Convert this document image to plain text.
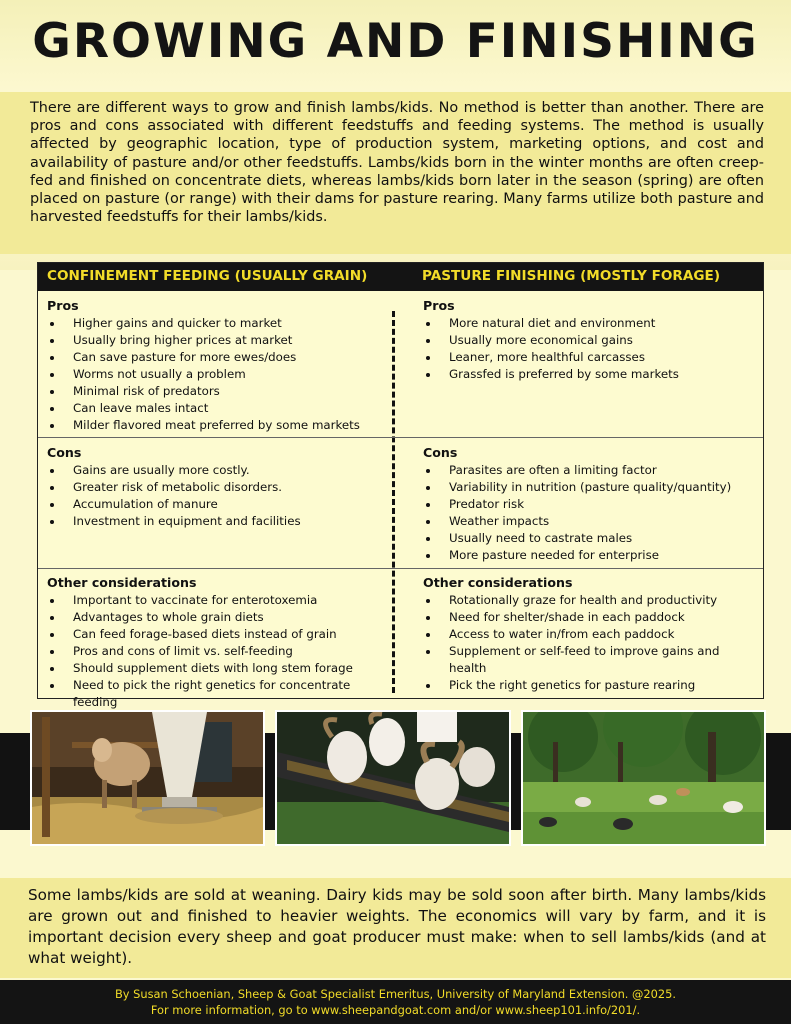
GROWING AND FINISHING

There are different ways to grow and finish lambs/kids. No method is better than another. There are pros and cons associated with different feedstuffs and feeding systems. The method is usually affected by geographic location, type of production system, marketing options, and cost and availability of pasture and/or other feedstuffs. Lambs/kids born in the winter months are often creep-fed and finished on concentrate diets, whereas lambs/kids born later in the season (spring) are often placed on pasture (or range) with their dams for pasture rearing. Many farms utilize both pasture and harvested feedstuffs for their lambs/kids.

CONFINEMENT FEEDING (USUALLY GRAIN)	PASTURE FINISHING (MOSTLY FORAGE)
Pros
• Higher gains and quicker to market
• Usually bring higher prices at market
• Can save pasture for more ewes/does
• Worms not usually a problem
• Minimal risk of predators
• Can leave males intact
• Milder flavored meat preferred by some markets
Pros
• More natural diet and environment
• Usually more economical gains
• Leaner, more healthful carcasses
• Grassfed is preferred by some markets
Cons
• Gains are usually more costly.
• Greater risk of metabolic disorders.
• Accumulation of manure
• Investment in equipment and facilities
Cons
• Parasites are often a limiting factor
• Variability in nutrition (pasture quality/quantity)
• Predator risk
• Weather impacts
• Usually need to castrate males
• More pasture needed for enterprise
Other considerations
• Important to vaccinate for enterotoxemia
• Advantages to whole grain diets
• Can feed forage-based diets instead of grain
• Pros and cons of limit vs. self-feeding
• Should supplement diets with long stem forage
• Need to pick the right genetics for concentrate feeding
Other considerations
• Rotationally graze for health and productivity
• Need for shelter/shade in each paddock
• Access to water in/from each paddock
• Supplement or self-feed to improve gains and health
• Pick the right genetics for pasture rearing

Some lambs/kids are sold at weaning. Dairy kids may be sold soon after birth. Many lambs/kids are grown out and finished to heavier weights. The economics will vary by farm, and it is important decision every sheep and goat producer must make: when to sell lambs/kids (and at what weight).

By Susan Schoenian, Sheep & Goat Specialist Emeritus, University of Maryland Extension. @2025.
For more information, go to www.sheepandgoat.com and/or www.sheep101.info/201/.
